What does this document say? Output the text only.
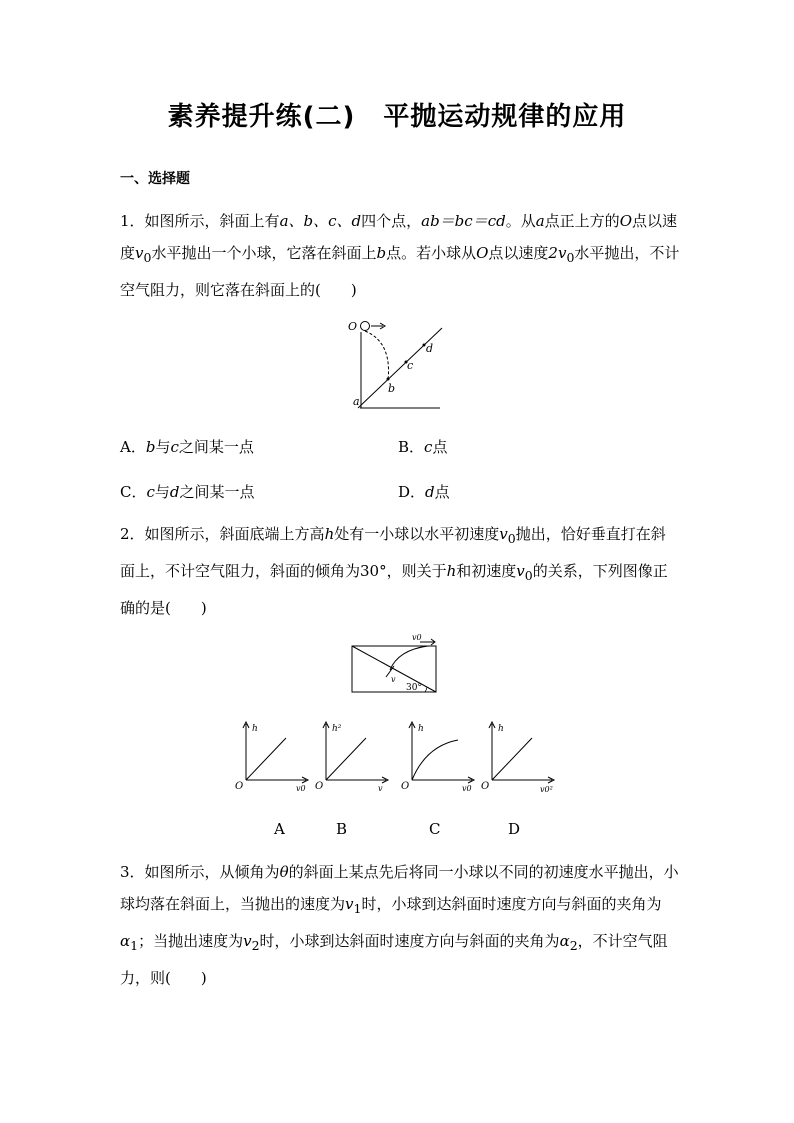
素养提升练(二) 平抛运动规律的应用
一、选择题
1．如图所示，斜面上有a、b、c、d四个点，ab＝bc＝cd。从a点正上方的O点以速度$v_0$水平抛出一个小球，它落在斜面上b点。若小球从O点以速度$2v_0$水平抛出，不计空气阻力，则它落在斜面上的(　　)
O
a
b
c
d
A．b与c之间某一点	B．c点
C．c与d之间某一点	D．d点
2．如图所示，斜面底端上方高h处有一小球以水平初速度$v_0$抛出，恰好垂直打在斜面上，不计空气阻力，斜面的倾角为30°，则关于h和初速度$v_0$的关系，下列图像正确的是(　　)
v0
v
30°
h
O	v0
h²
O	v
h
O	v0
h
O	v0²
A	B	C	D
3．如图所示，从倾角为θ的斜面上某点先后将同一小球以不同的初速度水平抛出，小球均落在斜面上，当抛出的速度为$v_1$时，小球到达斜面时速度方向与斜面的夹角为$\alpha_1$；当抛出速度为$v_2$时，小球到达斜面时速度方向与斜面的夹角为$\alpha_2$，不计空气阻力，则(　　)
